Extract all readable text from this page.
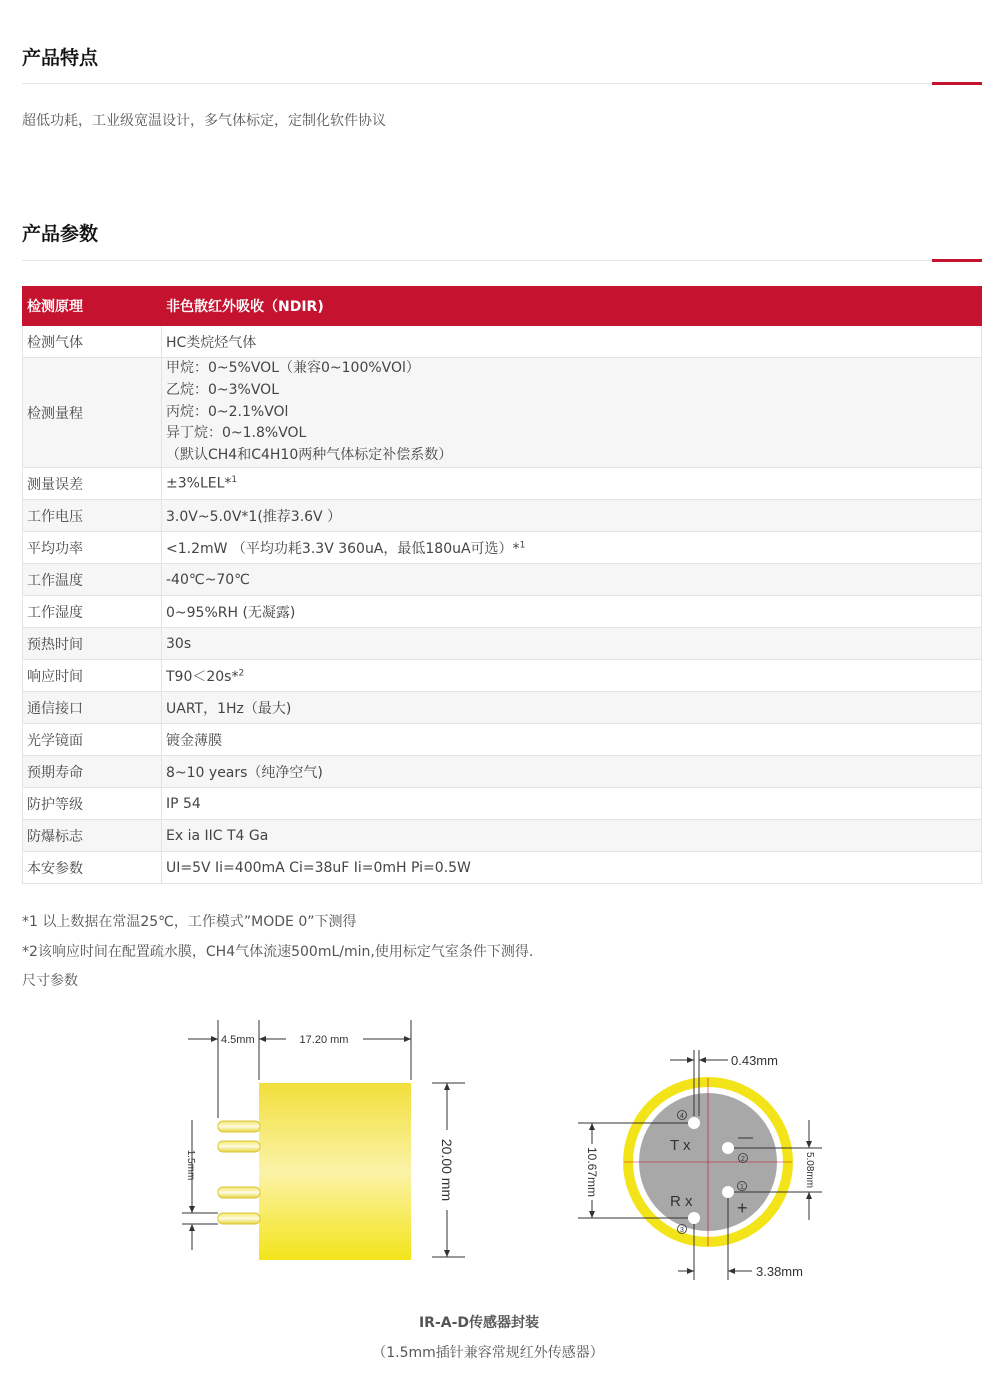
产品特点
超低功耗，工业级宽温设计，多气体标定，定制化软件协议
产品参数
检测原理	非色散红外吸收（NDIR)
检测气体	HC类烷烃气体
检测量程	甲烷：0~5%VOL（兼容0~100%VOl）
乙烷：0~3%VOL
丙烷：0~2.1%VOl
异丁烷：0~1.8%VOL
（默认CH4和C4H10两种气体标定补偿系数）

测量误差	±3%LEL*$^1$
工作电压	3.0V~5.0V*1(推荐3.6V ）
平均功率	<1.2mW （平均功耗3.3V 360uA，最低180uA可选）*$^1$
工作温度	-40℃~70℃
工作湿度	0~95%RH (无凝露)
预热时间	30s
响应时间	T90＜20s*$^2$
通信接口	UART，1Hz（最大)
光学镜面	镀金薄膜
预期寿命	8~10 years（纯净空气)
防护等级	IP 54
防爆标志	Ex ia IIC T4 Ga
本安参数	UI=5V Ii=400mA Ci=38uF Ii=0mH Pi=0.5W
*1 以上数据在常温25℃，工作模式”MODE 0”下测得
*2该响应时间在配置疏水膜，CH4气体流速500mL/min,使用标定气室条件下测得.
尺寸参数
4.5mm	17.20 mm
20.00 mm
1.5mm
T x
R x
—
+
4
2
1
3
0.43mm
10.67mm	5.08mm
3.38mm
IR-A-D传感器封装
（1.5mm插针兼容常规红外传感器）
